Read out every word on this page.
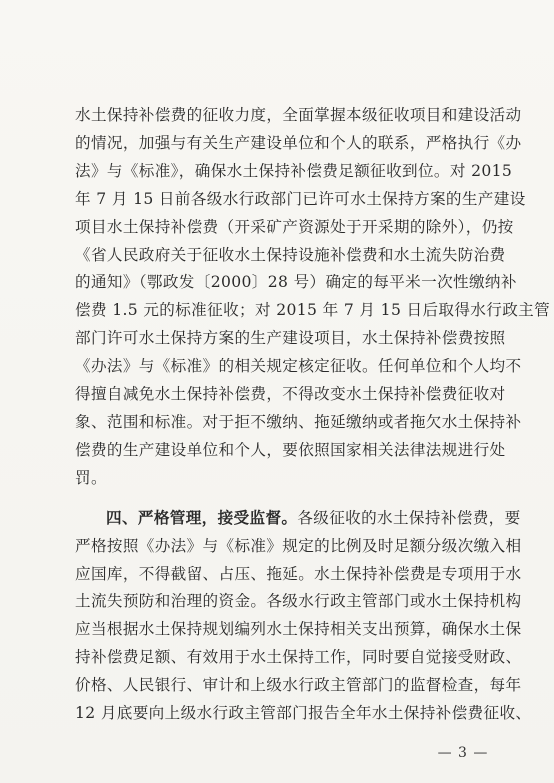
水土保持补偿费的征收力度，全面掌握本级征收项目和建设活动
的情况，加强与有关生产建设单位和个人的联系，严格执行《办
法》与《标准》，确保水土保持补偿费足额征收到位。对 2015
年 7 月 15 日前各级水行政部门已许可水土保持方案的生产建设
项目水土保持补偿费（开采矿产资源处于开采期的除外），仍按
《省人民政府关于征收水土保持设施补偿费和水土流失防治费
的通知》（鄂政发〔2000〕28 号）确定的每平米一次性缴纳补
偿费 1.5 元的标准征收；对 2015 年 7 月 15 日后取得水行政主管
部门许可水土保持方案的生产建设项目，水土保持补偿费按照
《办法》与《标准》的相关规定核定征收。任何单位和个人均不
得擅自减免水土保持补偿费，不得改变水土保持补偿费征收对
象、范围和标准。对于拒不缴纳、拖延缴纳或者拖欠水土保持补
偿费的生产建设单位和个人，要依照国家相关法律法规进行处
罚。
四、严格管理，接受监督。各级征收的水土保持补偿费，要
严格按照《办法》与《标准》规定的比例及时足额分级次缴入相
应国库，不得截留、占压、拖延。水土保持补偿费是专项用于水
土流失预防和治理的资金。各级水行政主管部门或水土保持机构
应当根据水土保持规划编列水土保持相关支出预算，确保水土保
持补偿费足额、有效用于水土保持工作，同时要自觉接受财政、
价格、人民银行、审计和上级水行政主管部门的监督检查，每年
12 月底要向上级水行政主管部门报告全年水土保持补偿费征收、
— 3 —
